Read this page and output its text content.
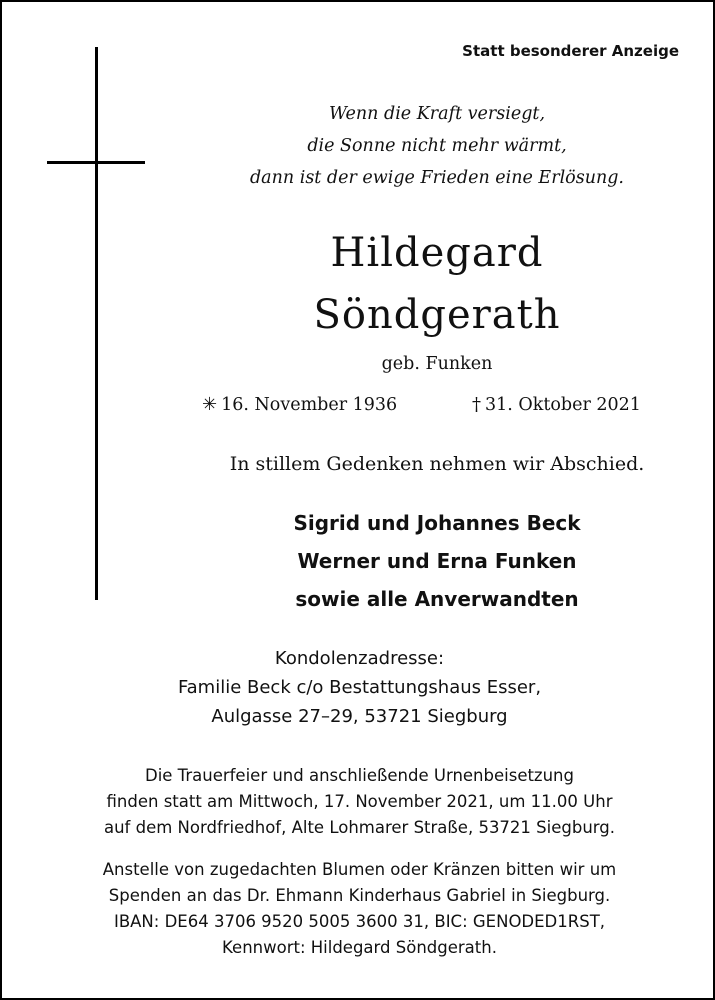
Statt besonderer Anzeige

Wenn die Kraft versiegt,
die Sonne nicht mehr wärmt,
dann ist der ewige Frieden eine Erlösung.
Hildegard
Söndgerath
geb. Funken
✳ 16. November 1936	† 31. Oktober 2021
In stillem Gedenken nehmen wir Abschied.
Sigrid und Johannes Beck
Werner und Erna Funken
sowie alle Anverwandten
Kondolenzadresse:
Familie Beck c/o Bestattungshaus Esser,
Aulgasse 27–29, 53721 Siegburg
Die Trauerfeier und anschließende Urnenbeisetzung
finden statt am Mittwoch, 17. November 2021, um 11.00 Uhr
auf dem Nordfriedhof, Alte Lohmarer Straße, 53721 Siegburg.
Anstelle von zugedachten Blumen oder Kränzen bitten wir um
Spenden an das Dr. Ehmann Kinderhaus Gabriel in Siegburg.
IBAN: DE64 3706 9520 5005 3600 31, BIC: GENODED1RST,
Kennwort: Hildegard Söndgerath.
